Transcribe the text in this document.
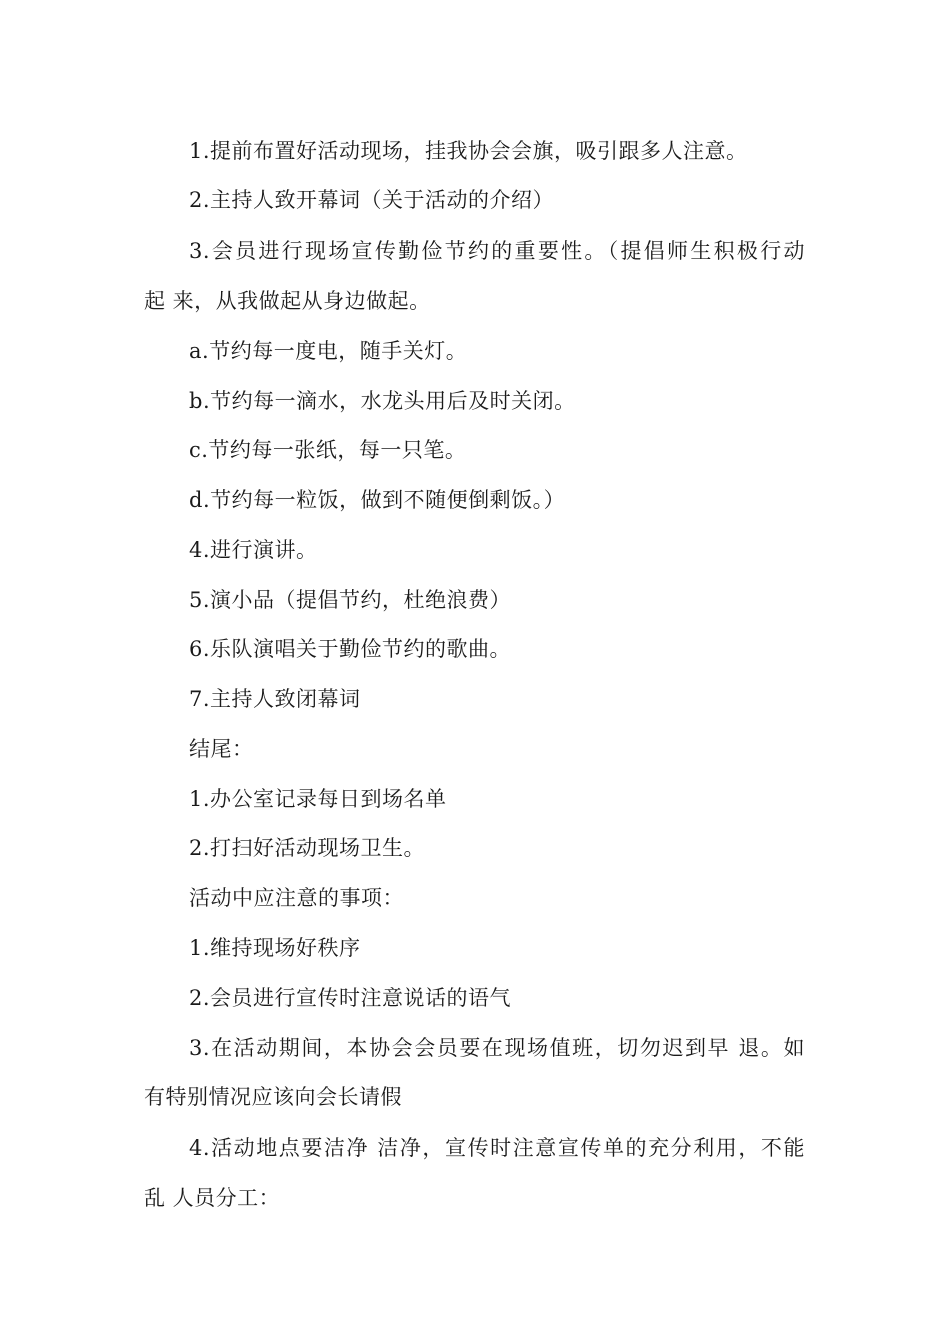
1.提前布置好活动现场，挂我协会会旗，吸引跟多人注意。
2.主持人致开幕词（关于活动的介绍）
3.会员进行现场宣传勤俭节约的重要性。（提倡师生积极行动
起 来，从我做起从身边做起。
a.节约每一度电，随手关灯。
b.节约每一滴水，水龙头用后及时关闭。
c.节约每一张纸，每一只笔。
d.节约每一粒饭，做到不随便倒剩饭。）
4.进行演讲。
5.演小品（提倡节约，杜绝浪费）
6.乐队演唱关于勤俭节约的歌曲。
7.主持人致闭幕词
结尾：
1.办公室记录每日到场名单
2.打扫好活动现场卫生。
活动中应注意的事项：
1.维持现场好秩序
2.会员进行宣传时注意说话的语气
3.在活动期间，本协会会员要在现场值班，切勿迟到早 退。如
有特别情况应该向会长请假
4.活动地点要洁净 洁净，宣传时注意宣传单的充分利用，不能
乱 人员分工：
